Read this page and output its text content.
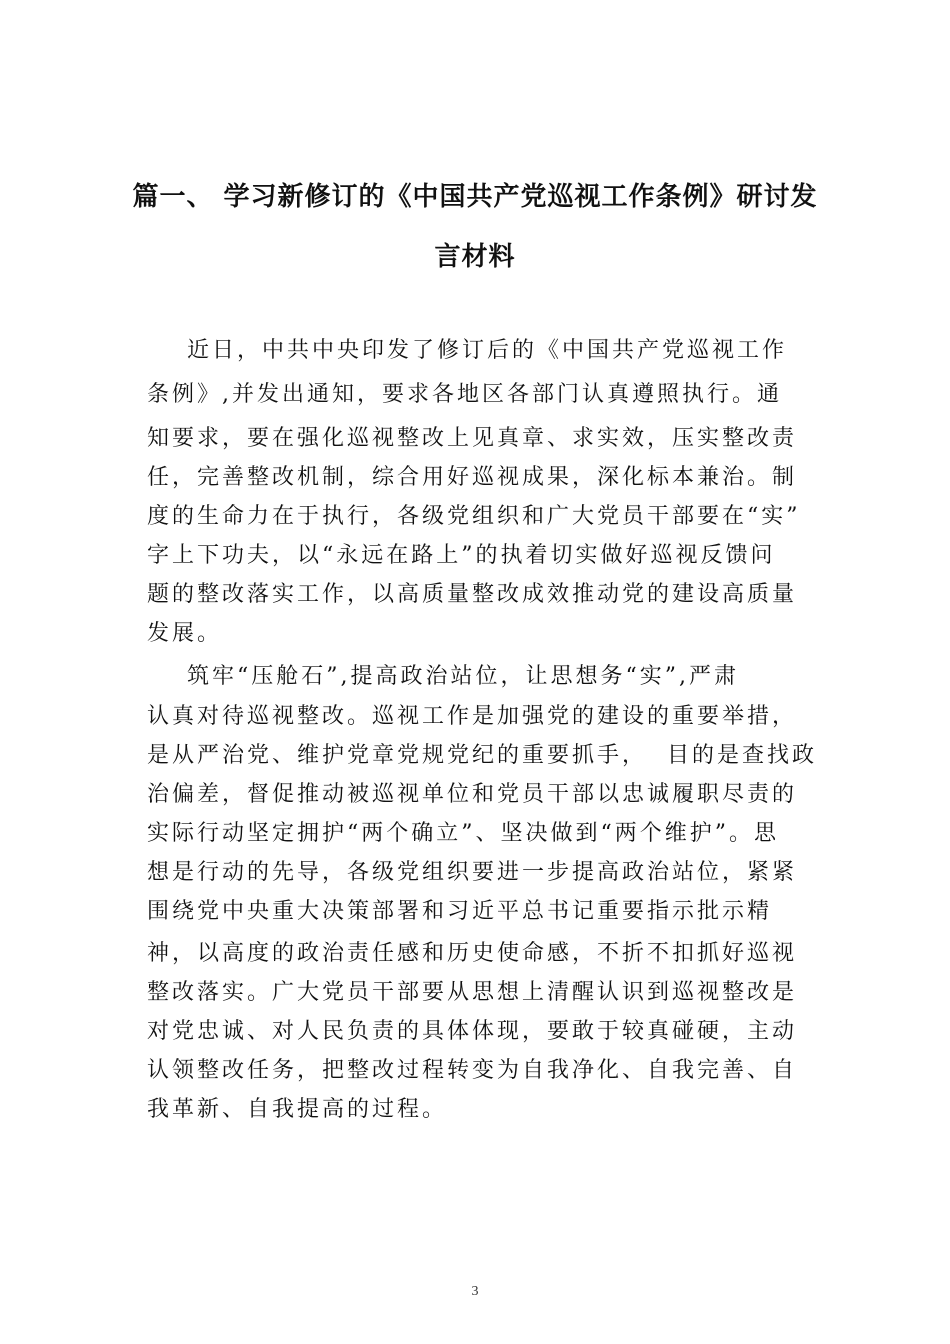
篇一、 学习新修订的《中国共产党巡视工作条例》研讨发
言材料

近日，中共中央印发了修订后的《中国共产党巡视工作

条例》,并发出通知，要求各地区各部门认真遵照执行。通

知要求，要在强化巡视整改上见真章、求实效，压实整改责

任，完善整改机制，综合用好巡视成果，深化标本兼治。制

度的生命力在于执行，各级党组织和广大党员干部要在“实”

字上下功夫，以“永远在路上”的执着切实做好巡视反馈问

题的整改落实工作，以高质量整改成效推动党的建设高质量

发展。

筑牢“压舱石”,提高政治站位，让思想务“实”,严肃

认真对待巡视整改。巡视工作是加强党的建设的重要举措，

是从严治党、维护党章党规党纪的重要抓手，  目的是查找政

治偏差，督促推动被巡视单位和党员干部以忠诚履职尽责的

实际行动坚定拥护“两个确立”、坚决做到“两个维护”。思

想是行动的先导，各级党组织要进一步提高政治站位，紧紧

围绕党中央重大决策部署和习近平总书记重要指示批示精

神，以高度的政治责任感和历史使命感，不折不扣抓好巡视

整改落实。广大党员干部要从思想上清醒认识到巡视整改是

对党忠诚、对人民负责的具体体现，要敢于较真碰硬，主动

认领整改任务，把整改过程转变为自我净化、自我完善、自

我革新、自我提高的过程。

3
